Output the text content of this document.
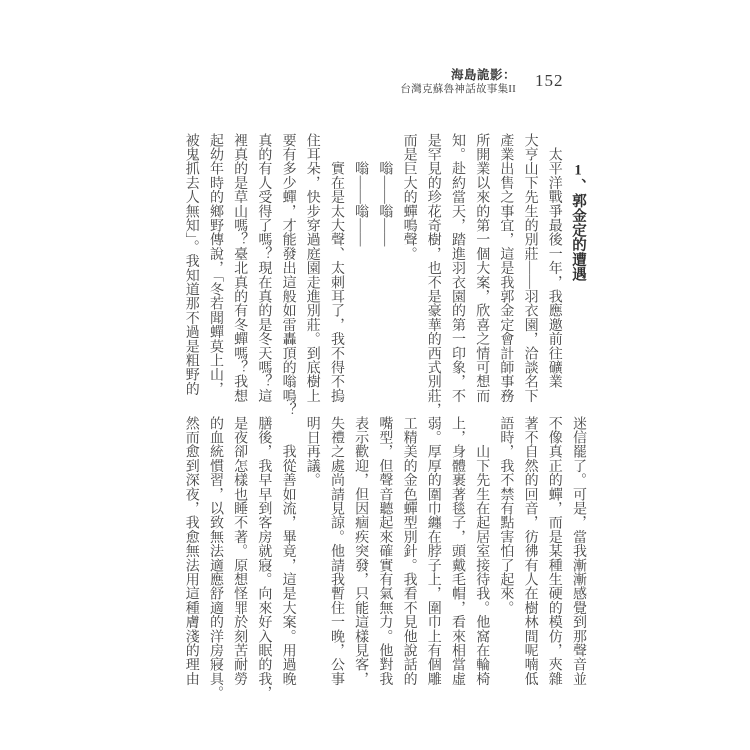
海島詭影：
台灣克蘇魯神話故事集II 152
　　1、郭金定的遭遇
　太平洋戰爭最後一年，我應邀前往礦業
大亨山下先生的別莊——羽衣園，洽談名下
產業出售之事宜，這是我郭金定會計師事務
所開業以來的第一個大案，欣喜之情可想而
知。赴約當天，踏進羽衣園的第一印象，不
是罕見的珍花奇樹，也不是豪華的西式別莊，
而是巨大的蟬鳴聲。
　　嗡——嗡——
　　嗡——嗡——
　　實在是太大聲、太刺耳了，我不得不摀
住耳朵，快步穿過庭園走進別莊。到底樹上
要有多少蟬，才能發出這般如雷轟頂的嗡鳴？
真的有人受得了嗎？現在真的是冬天嗎？這
裡真的是草山嗎？臺北真的有冬蟬嗎？我想
起幼年時的鄉野傳說，「冬若聞蟬莫上山，
被鬼抓去人無知」。我知道那不過是粗野的
迷信罷了。可是，當我漸漸感覺到那聲音並
不像真正的蟬，而是某種生硬的模仿，夾雜
著不自然的回音，彷彿有人在樹林間呢喃低
語時，我不禁有點害怕了起來。
　　山下先生在起居室接待我。他窩在輪椅
上，身體裹著毯子，頭戴毛帽，看來相當虛
弱。厚厚的圍巾纏在脖子上，圍巾上有個雕
工精美的金色蟬型別針。我看不見他說話的
嘴型，但聲音聽起來確實有氣無力。他對我
表示歡迎，但因痼疾突發，只能這樣見客，
失禮之處尚請見諒。他請我暫住一晚，公事
明日再議。
　　我從善如流，畢竟，這是大案。用過晚
膳後，我早早到客房就寢。向來好入眠的我，
是夜卻怎樣也睡不著。原想怪罪於刻苦耐勞
的血統慣習，以致無法適應舒適的洋房寢具。
然而愈到深夜，我愈無法用這種膚淺的理由
